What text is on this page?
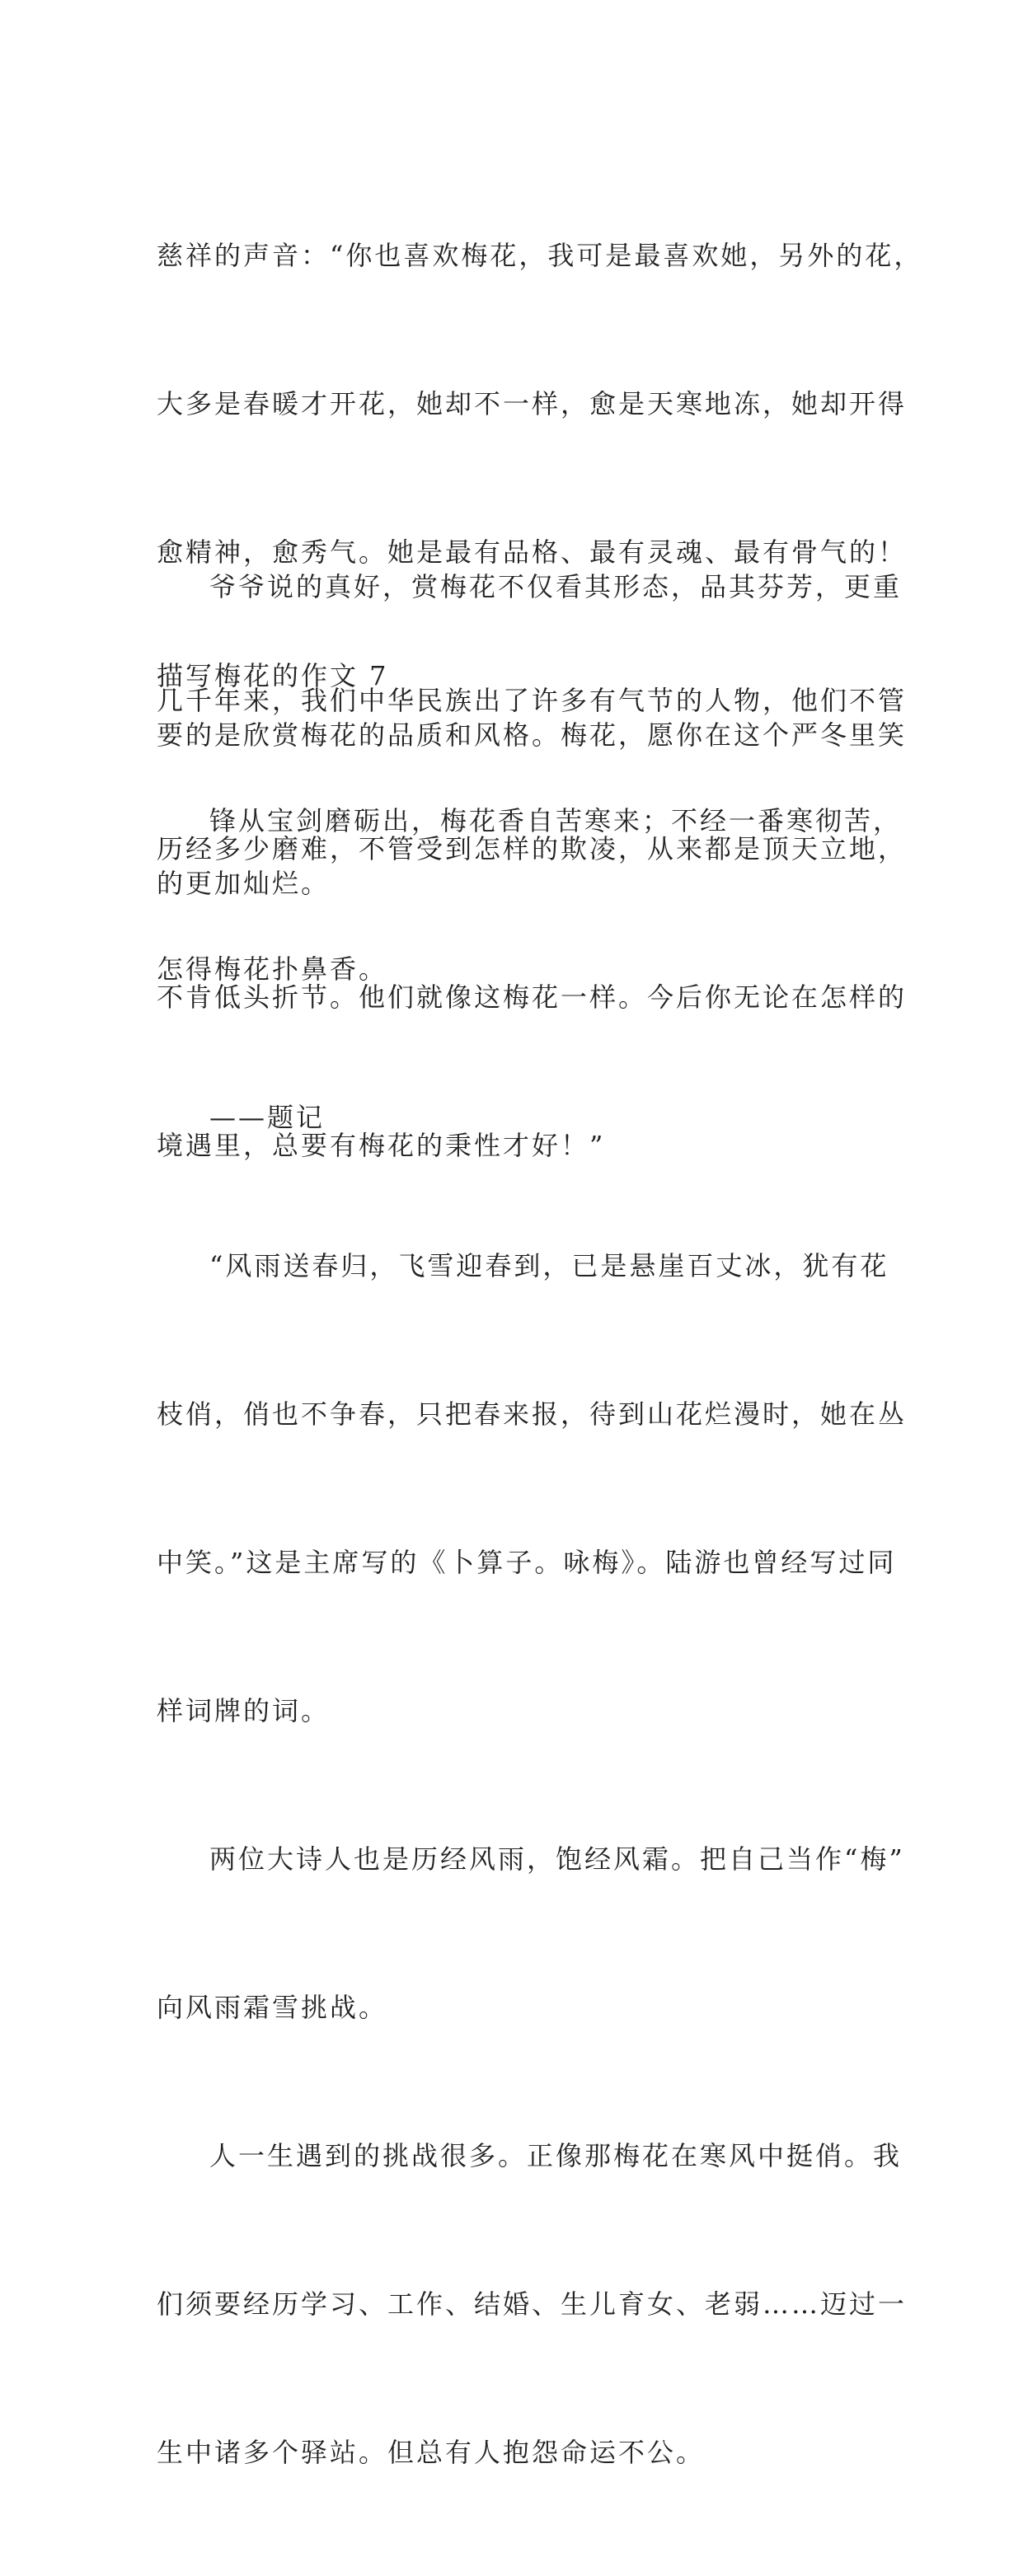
慈祥的声音：“你也喜欢梅花，我可是最喜欢她，另外的花，

大多是春暖才开花，她却不一样，愈是天寒地冻，她却开得

愈精神，愈秀气。她是最有品格、最有灵魂、最有骨气的！

几千年来，我们中华民族出了许多有气节的人物，他们不管

历经多少磨难，不管受到怎样的欺凌，从来都是顶天立地，

不肯低头折节。他们就像这梅花一样。今后你无论在怎样的

境遇里，总要有梅花的秉性才好！”

爷爷说的真好，赏梅花不仅看其形态，品其芬芳，更重

要的是欣赏梅花的品质和风格。梅花，愿你在这个严冬里笑

的更加灿烂。

描写梅花的作文 7

锋从宝剑磨砺出，梅花香自苦寒来；不经一番寒彻苦，

怎得梅花扑鼻香。

——题记

“风雨送春归，飞雪迎春到，已是悬崖百丈冰，犹有花

枝俏，俏也不争春，只把春来报，待到山花烂漫时，她在丛

中笑。”这是主席写的《卜算子。咏梅》。陆游也曾经写过同

样词牌的词。

两位大诗人也是历经风雨，饱经风霜。把自己当作“梅”

向风雨霜雪挑战。

人一生遇到的挑战很多。正像那梅花在寒风中挺俏。我

们须要经历学习、工作、结婚、生儿育女、老弱……迈过一

生中诸多个驿站。但总有人抱怨命运不公。
